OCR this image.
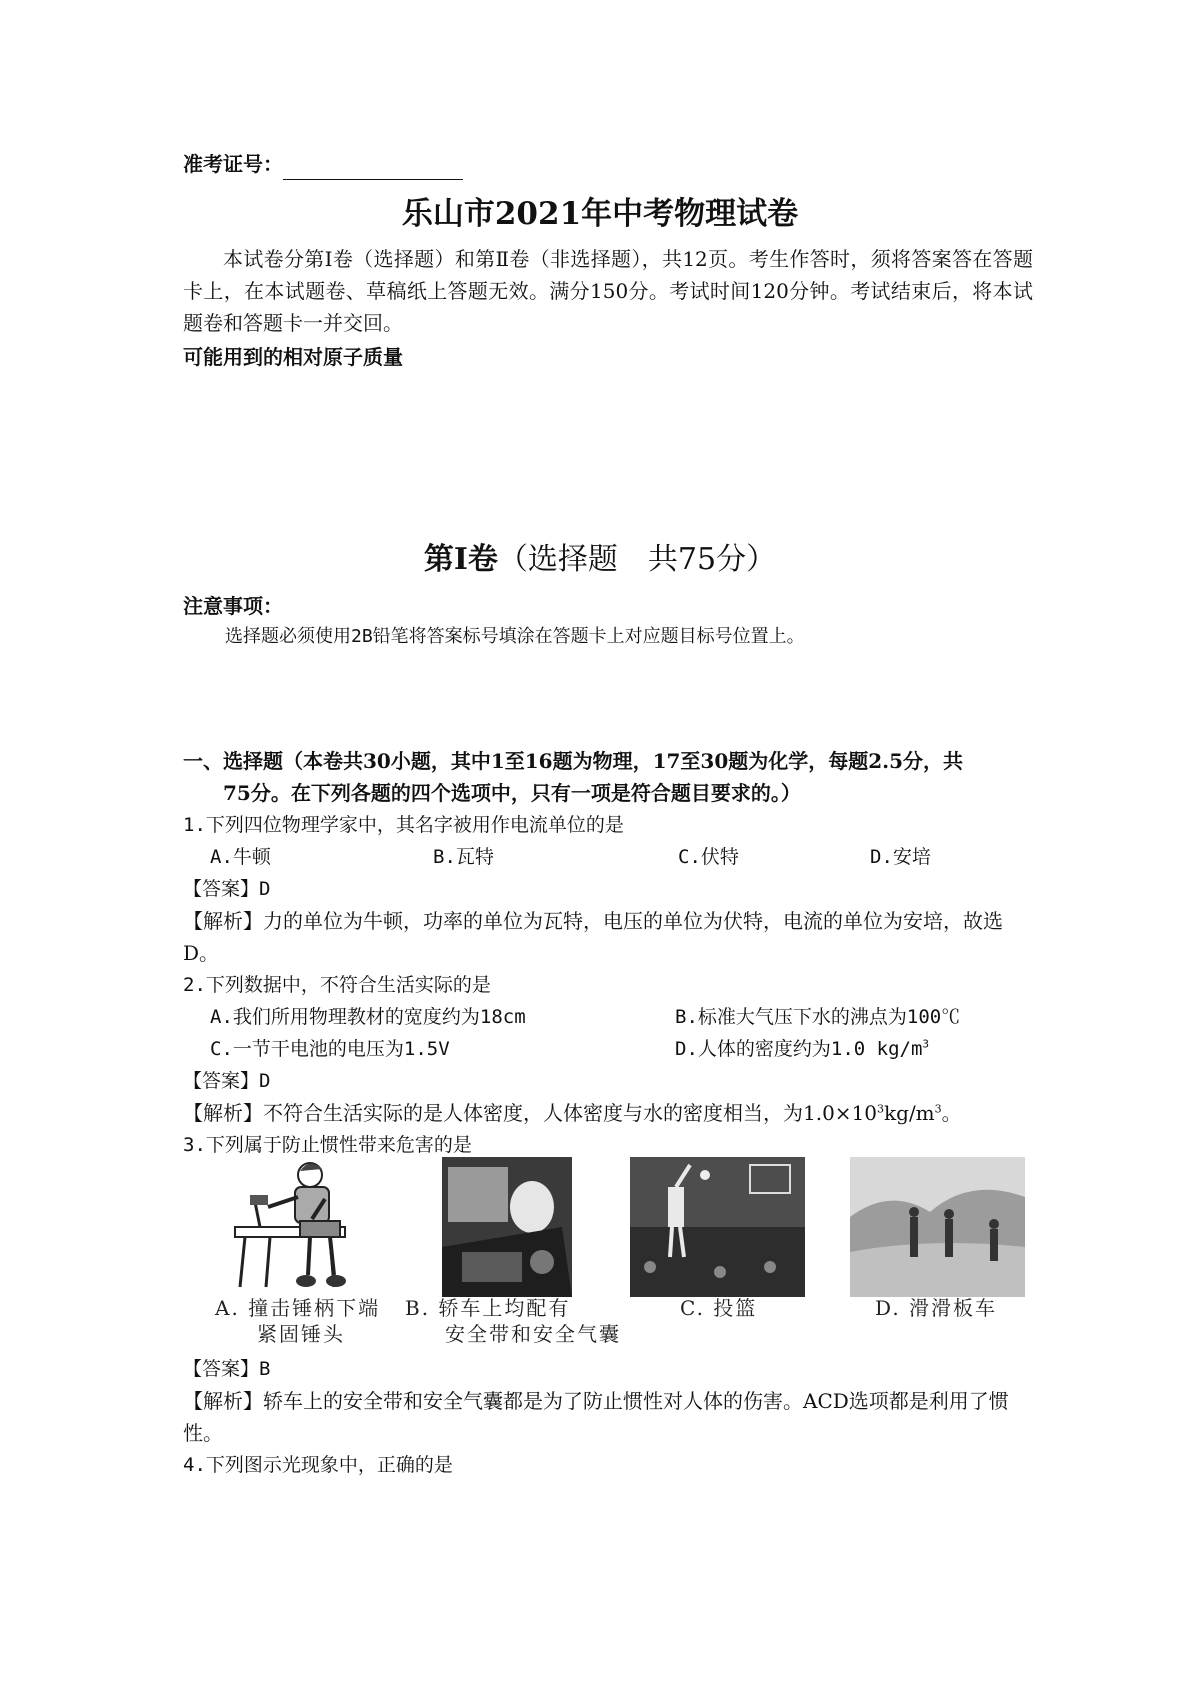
准考证号：
乐山市2021年中考物理试卷
本试卷分第Ⅰ卷（选择题）和第Ⅱ卷（非选择题），共12页。考生作答时，须将答案答在答题卡上，在本试题卷、草稿纸上答题无效。满分150分。考试时间120分钟。考试结束后，将本试题卷和答题卡一并交回。
可能用到的相对原子质量
第Ⅰ卷（选择题　共75分）
注意事项：
选择题必须使用2B铅笔将答案标号填涂在答题卡上对应题目标号位置上。
一、选择题（本卷共30小题，其中1至16题为物理，17至30题为化学，每题2.5分，共
75分。在下列各题的四个选项中，只有一项是符合题目要求的。）
1.下列四位物理学家中，其名字被用作电流单位的是
A.牛顿	B.瓦特	C.伏特	D.安培
【答案】D
【解析】力的单位为牛顿，功率的单位为瓦特，电压的单位为伏特，电流的单位为安培，故选D。
2.下列数据中，不符合生活实际的是
A.我们所用物理教材的宽度约为18cm	B.标准大气压下水的沸点为100℃
C.一节干电池的电压为1.5V	D.人体的密度约为1.0 $kg/m^3$
【答案】D
【解析】不符合生活实际的是人体密度，人体密度与水的密度相当，为$1.0\times 10^3kg/m^3$。
3.下列属于防止惯性带来危害的是
A. 撞击锤柄下端
紧固锤头
B. 轿车上均配有
安全带和安全气囊
C. 投篮	D. 滑滑板车
【答案】B
【解析】轿车上的安全带和安全气囊都是为了防止惯性对人体的伤害。ACD选项都是利用了惯性。
4.下列图示光现象中，正确的是
